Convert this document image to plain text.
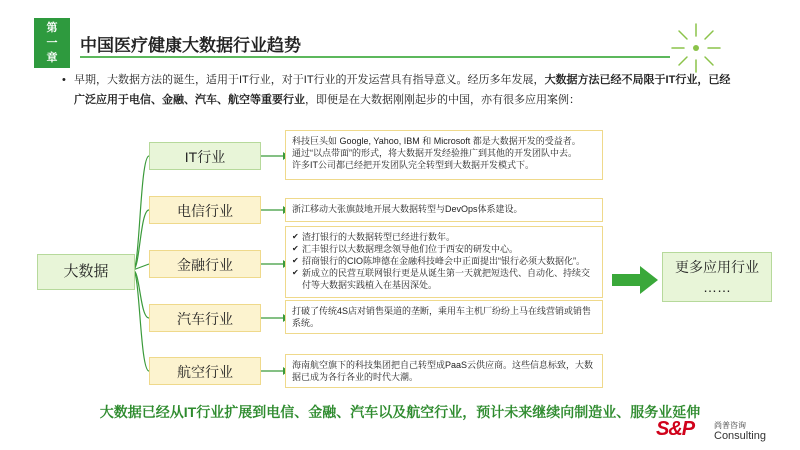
第
一
章
中国医疗健康大数据行业趋势
• 早期，大数据方法的诞生，适用于IT行业，对于IT行业的开发运营具有指导意义。经历多年发展，大数据方法已经不局限于IT行业，已经广泛应用于电信、金融、汽车、航空等重要行业，即便是在大数据刚刚起步的中国，亦有很多应用案例：
大数据
IT行业
电信行业
金融行业
汽车行业
航空行业
科技巨头如 Google, Yahoo, IBM 和 Microsoft 都是大数据开发的受益者。
通过“以点带面”的形式，将大数据开发经验推广到其他的开发团队中去。
许多IT公司都已经把开发团队完全转型到大数据开发模式下。
浙江移动大张旗鼓地开展大数据转型与DevOps体系建设。
✔ 渣打银行的大数据转型已经进行数年。
✔ 汇丰银行以大数据理念领导他们位于西安的研发中心。
✔ 招商银行的CIO陈坤德在金融科技峰会中正面提出“银行必须大数据化”。
✔ 新成立的民营互联网银行更是从诞生第一天就把短迭代、自动化、持续交付等大数据实践植入在基因深处。
打破了传统4S店对销售渠道的垄断，乘用车主机厂纷纷上马在线营销或销售系统。
海南航空旗下的科技集团把自己转型成PaaS云供应商。这些信息标致，大数据已成为各行各业的时代大潮。
更多应用行业
……
大数据已经从IT行业扩展到电信、金融、汽车以及航空行业，预计未来继续向制造业、服务业延伸
S&P 尚普咨询
Consulting
